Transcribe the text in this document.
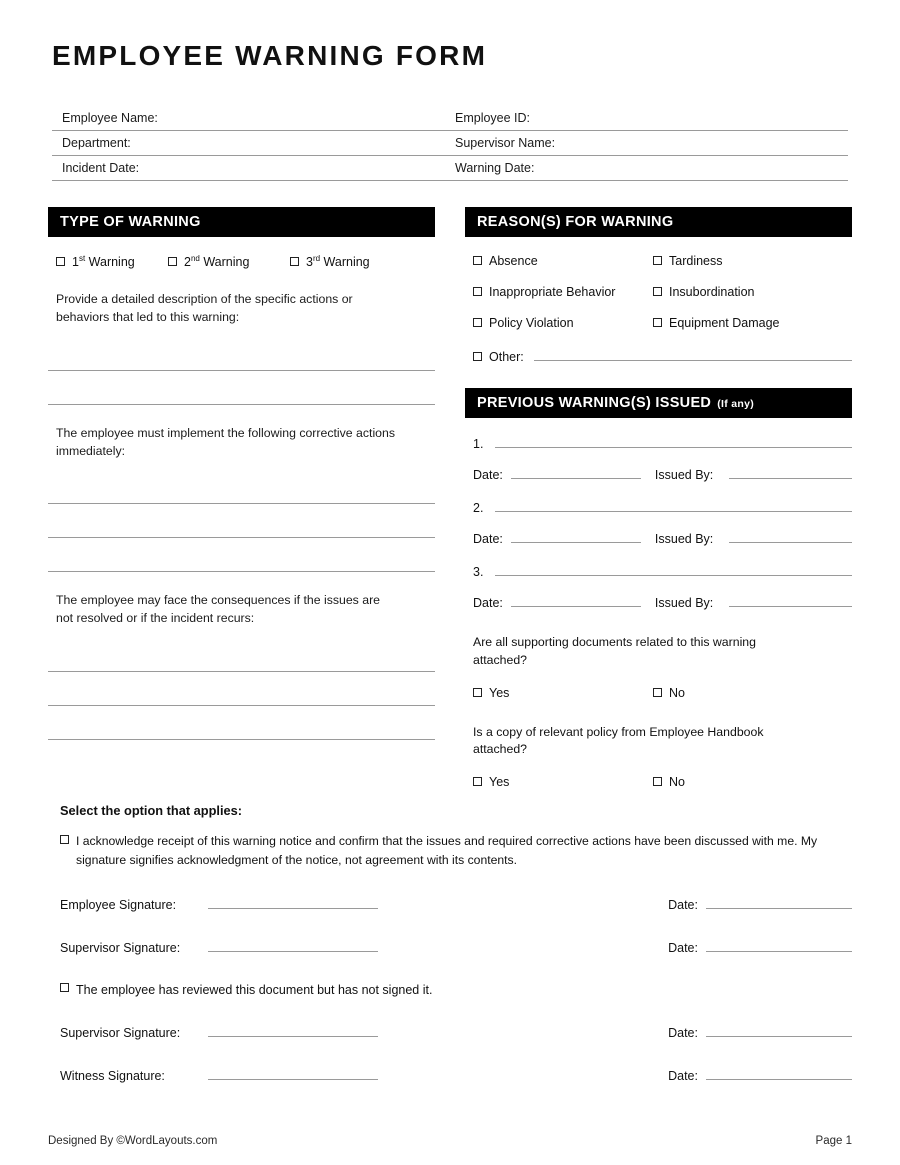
EMPLOYEE WARNING FORM
Employee Name:	Employee ID:
Department:	Supervisor Name:
Incident Date:	Warning Date:
TYPE OF WARNING
1st Warning	2nd Warning	3rd Warning
Provide a detailed description of the specific actions or behaviors that led to this warning:
The employee must implement the following corrective actions immediately:
The employee may face the consequences if the issues are not resolved or if the incident recurs:
REASON(S) FOR WARNING
Absence	Tardiness
Inappropriate Behavior	Insubordination
Policy Violation	Equipment Damage
Other:
PREVIOUS WARNING(S) ISSUED (If any)
1.
Date:	Issued By:
2.
Date:	Issued By:
3.
Date:	Issued By:
Are all supporting documents related to this warning attached?
Yes	No
Is a copy of relevant policy from Employee Handbook attached?
Yes	No
Select the option that applies:
I acknowledge receipt of this warning notice and confirm that the issues and required corrective actions have been discussed with me. My signature signifies acknowledgment of the notice, not agreement with its contents.
Employee Signature:	Date:
Supervisor Signature:	Date:
The employee has reviewed this document but has not signed it.
Supervisor Signature:	Date:
Witness Signature:	Date:
Designed By ©WordLayouts.com	Page 1
